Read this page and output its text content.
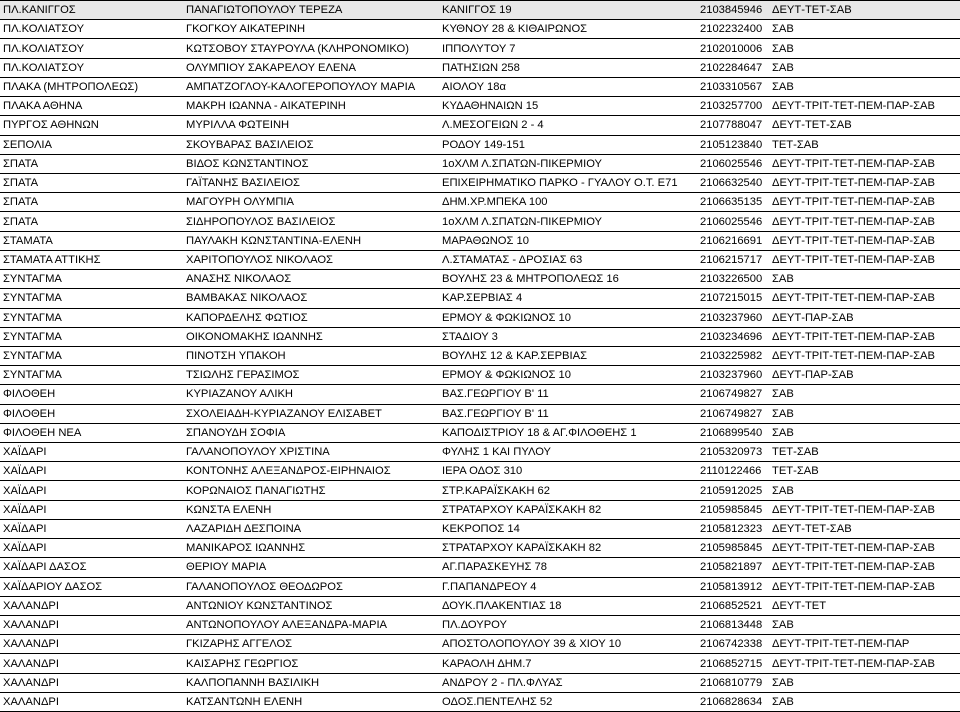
ΠΛ.ΚΑΝΙΓΓΟΣ	ΠΑΝΑΓΙΩΤΟΠΟΥΛΟΥ ΤΕΡΕΖΑ	ΚΑΝΙΓΓΟΣ 19	2103845946	ΔΕΥΤ-ΤΕΤ-ΣΑΒ
ΠΛ.ΚΟΛΙΑΤΣΟΥ	ΓΚΟΓΚΟΥ ΑΙΚΑΤΕΡΙΝΗ	ΚΥΘΝΟΥ 28 & ΚΙΘΑΙΡΩΝΟΣ	2102232400	ΣΑΒ
ΠΛ.ΚΟΛΙΑΤΣΟΥ	ΚΩΤΣΟΒΟΥ ΣΤΑΥΡΟΥΛΑ (ΚΛΗΡΟΝΟΜΙΚΟ)	ΙΠΠΟΛΥΤΟΥ 7	2102010006	ΣΑΒ
ΠΛ.ΚΟΛΙΑΤΣΟΥ	ΟΛΥΜΠΙΟΥ ΣΑΚΑΡΕΛΟΥ ΕΛΕΝΑ	ΠΑΤΗΣΙΩΝ 258	2102284647	ΣΑΒ
ΠΛΑΚΑ (ΜΗΤΡΟΠΟΛΕΩΣ)	ΑΜΠΑΤΖΟΓΛΟΥ-ΚΑΛΟΓΕΡΟΠΟΥΛΟΥ ΜΑΡΙΑ	ΑΙΟΛΟΥ 18α	2103310567	ΣΑΒ
ΠΛΑΚΑ ΑΘΗΝΑ	ΜΑΚΡΗ ΙΩΑΝΝΑ - ΑΙΚΑΤΕΡΙΝΗ	ΚΥΔΑΘΗΝΑΙΩΝ 15	2103257700	ΔΕΥΤ-ΤΡΙΤ-ΤΕΤ-ΠΕΜ-ΠΑΡ-ΣΑΒ
ΠΥΡΓΟΣ ΑΘΗΝΩΝ	ΜΥΡΙΛΛΑ ΦΩΤΕΙΝΗ	Λ.ΜΕΣΟΓΕΙΩΝ 2 - 4	2107788047	ΔΕΥΤ-ΤΕΤ-ΣΑΒ
ΣΕΠΟΛΙΑ	ΣΚΟΥΒΑΡΑΣ ΒΑΣΙΛΕΙΟΣ	ΡΟΔΟΥ 149-151	2105123840	ΤΕΤ-ΣΑΒ
ΣΠΑΤΑ	ΒΙΔΟΣ ΚΩΝΣΤΑΝΤΙΝΟΣ	1οΧΛΜ Λ.ΣΠΑΤΩΝ-ΠΙΚΕΡΜΙΟΥ	2106025546	ΔΕΥΤ-ΤΡΙΤ-ΤΕΤ-ΠΕΜ-ΠΑΡ-ΣΑΒ
ΣΠΑΤΑ	ΓΑΪΤΑΝΗΣ ΒΑΣΙΛΕΙΟΣ	ΕΠΙΧΕΙΡΗΜΑΤΙΚΟ ΠΑΡΚΟ - ΓΥΑΛΟΥ Ο.Τ. Ε71	2106632540	ΔΕΥΤ-ΤΡΙΤ-ΤΕΤ-ΠΕΜ-ΠΑΡ-ΣΑΒ
ΣΠΑΤΑ	ΜΑΓΟΥΡΗ ΟΛΥΜΠΙΑ	ΔΗΜ.ΧΡ.ΜΠΕΚΑ 100	2106635135	ΔΕΥΤ-ΤΡΙΤ-ΤΕΤ-ΠΕΜ-ΠΑΡ-ΣΑΒ
ΣΠΑΤΑ	ΣΙΔΗΡΟΠΟΥΛΟΣ ΒΑΣΙΛΕΙΟΣ	1οΧΛΜ Λ.ΣΠΑΤΩΝ-ΠΙΚΕΡΜΙΟΥ	2106025546	ΔΕΥΤ-ΤΡΙΤ-ΤΕΤ-ΠΕΜ-ΠΑΡ-ΣΑΒ
ΣΤΑΜΑΤΑ	ΠΑΥΛΑΚΗ ΚΩΝΣΤΑΝΤΙΝΑ-ΕΛΕΝΗ	ΜΑΡΑΘΩΝΟΣ 10	2106216691	ΔΕΥΤ-ΤΡΙΤ-ΤΕΤ-ΠΕΜ-ΠΑΡ-ΣΑΒ
ΣΤΑΜΑΤΑ ΑΤΤΙΚΗΣ	ΧΑΡΙΤΟΠΟΥΛΟΣ ΝΙΚΟΛΑΟΣ	Λ.ΣΤΑΜΑΤΑΣ - ΔΡΟΣΙΑΣ 63	2106215717	ΔΕΥΤ-ΤΡΙΤ-ΤΕΤ-ΠΕΜ-ΠΑΡ-ΣΑΒ
ΣΥΝΤΑΓΜΑ	ΑΝΑΣΗΣ ΝΙΚΟΛΑΟΣ	ΒΟΥΛΗΣ 23 & ΜΗΤΡΟΠΟΛΕΩΣ 16	2103226500	ΣΑΒ
ΣΥΝΤΑΓΜΑ	ΒΑΜΒΑΚΑΣ ΝΙΚΟΛΑΟΣ	ΚΑΡ.ΣΕΡΒΙΑΣ 4	2107215015	ΔΕΥΤ-ΤΡΙΤ-ΤΕΤ-ΠΕΜ-ΠΑΡ-ΣΑΒ
ΣΥΝΤΑΓΜΑ	ΚΑΠΟΡΔΕΛΗΣ ΦΩΤΙΟΣ	ΕΡΜΟΥ & ΦΩΚΙΩΝΟΣ 10	2103237960	ΔΕΥΤ-ΠΑΡ-ΣΑΒ
ΣΥΝΤΑΓΜΑ	ΟΙΚΟΝΟΜΑΚΗΣ ΙΩΑΝΝΗΣ	ΣΤΑΔΙΟΥ 3	2103234696	ΔΕΥΤ-ΤΡΙΤ-ΤΕΤ-ΠΕΜ-ΠΑΡ-ΣΑΒ
ΣΥΝΤΑΓΜΑ	ΠΙΝΟΤΣΗ ΥΠΑΚΟΗ	ΒΟΥΛΗΣ 12 & ΚΑΡ.ΣΕΡΒΙΑΣ	2103225982	ΔΕΥΤ-ΤΡΙΤ-ΤΕΤ-ΠΕΜ-ΠΑΡ-ΣΑΒ
ΣΥΝΤΑΓΜΑ	ΤΣΙΩΛΗΣ ΓΕΡΑΣΙΜΟΣ	ΕΡΜΟΥ & ΦΩΚΙΩΝΟΣ 10	2103237960	ΔΕΥΤ-ΠΑΡ-ΣΑΒ
ΦΙΛΟΘΕΗ	ΚΥΡΙΑΖΑΝΟΥ ΑΛΙΚΗ	ΒΑΣ.ΓΕΩΡΓΙΟΥ Β' 11	2106749827	ΣΑΒ
ΦΙΛΟΘΕΗ	ΣΧΟΛΕΙΑΔΗ-ΚΥΡΙΑΖΑΝΟΥ ΕΛΙΣΑΒΕΤ	ΒΑΣ.ΓΕΩΡΓΙΟΥ Β' 11	2106749827	ΣΑΒ
ΦΙΛΟΘΕΗ ΝΕΑ	ΣΠΑΝΟΥΔΗ ΣΟΦΙΑ	ΚΑΠΟΔΙΣΤΡΙΟΥ 18 & ΑΓ.ΦΙΛΟΘΕΗΣ 1	2106899540	ΣΑΒ
ΧΑΪΔΑΡΙ	ΓΑΛΑΝΟΠΟΥΛΟΥ ΧΡΙΣΤΙΝΑ	ΦΥΛΗΣ 1 ΚΑΙ ΠΥΛΟΥ	2105320973	ΤΕΤ-ΣΑΒ
ΧΑΪΔΑΡΙ	ΚΟΝΤΟΝΗΣ ΑΛΕΞΑΝΔΡΟΣ-ΕΙΡΗΝΑΙΟΣ	ΙΕΡΑ ΟΔΟΣ 310	2110122466	ΤΕΤ-ΣΑΒ
ΧΑΪΔΑΡΙ	ΚΟΡΩΝΑΙΟΣ ΠΑΝΑΓΙΩΤΗΣ	ΣΤΡ.ΚΑΡΑΪΣΚΑΚΗ 62	2105912025	ΣΑΒ
ΧΑΪΔΑΡΙ	ΚΩΝΣΤΑ ΕΛΕΝΗ	ΣΤΡΑΤΑΡΧΟΥ ΚΑΡΑΪΣΚΑΚΗ 82	2105985845	ΔΕΥΤ-ΤΡΙΤ-ΤΕΤ-ΠΕΜ-ΠΑΡ-ΣΑΒ
ΧΑΪΔΑΡΙ	ΛΑΖΑΡΙΔΗ ΔΕΣΠΟΙΝΑ	ΚΕΚΡΟΠΟΣ 14	2105812323	ΔΕΥΤ-ΤΕΤ-ΣΑΒ
ΧΑΪΔΑΡΙ	ΜΑΝΙΚΑΡΟΣ ΙΩΑΝΝΗΣ	ΣΤΡΑΤΑΡΧΟΥ ΚΑΡΑΪΣΚΑΚΗ 82	2105985845	ΔΕΥΤ-ΤΡΙΤ-ΤΕΤ-ΠΕΜ-ΠΑΡ-ΣΑΒ
ΧΑΪΔΑΡΙ ΔΑΣΟΣ	ΘΕΡΙΟΥ ΜΑΡΙΑ	ΑΓ.ΠΑΡΑΣΚΕΥΗΣ 78	2105821897	ΔΕΥΤ-ΤΡΙΤ-ΤΕΤ-ΠΕΜ-ΠΑΡ-ΣΑΒ
ΧΑΪΔΑΡΙΟΥ ΔΑΣΟΣ	ΓΑΛΑΝΟΠΟΥΛΟΣ ΘΕΟΔΩΡΟΣ	Γ.ΠΑΠΑΝΔΡΕΟΥ 4	2105813912	ΔΕΥΤ-ΤΡΙΤ-ΤΕΤ-ΠΕΜ-ΠΑΡ-ΣΑΒ
ΧΑΛΑΝΔΡΙ	ΑΝΤΩΝΙΟΥ ΚΩΝΣΤΑΝΤΙΝΟΣ	ΔΟΥΚ.ΠΛΑΚΕΝΤΙΑΣ 18	2106852521	ΔΕΥΤ-ΤΕΤ
ΧΑΛΑΝΔΡΙ	ΑΝΤΩΝΟΠΟΥΛΟΥ ΑΛΕΞΑΝΔΡΑ-ΜΑΡΙΑ	ΠΛ.ΔΟΥΡΟΥ	2106813448	ΣΑΒ
ΧΑΛΑΝΔΡΙ	ΓΚΙΖΑΡΗΣ ΑΓΓΕΛΟΣ	ΑΠΟΣΤΟΛΟΠΟΥΛΟΥ 39 & ΧΙΟΥ 10	2106742338	ΔΕΥΤ-ΤΡΙΤ-ΤΕΤ-ΠΕΜ-ΠΑΡ
ΧΑΛΑΝΔΡΙ	ΚΑΙΣΑΡΗΣ ΓΕΩΡΓΙΟΣ	ΚΑΡΑΟΛΗ ΔΗΜ.7	2106852715	ΔΕΥΤ-ΤΡΙΤ-ΤΕΤ-ΠΕΜ-ΠΑΡ-ΣΑΒ
ΧΑΛΑΝΔΡΙ	ΚΑΛΠΟΠΑΝΝΗ ΒΑΣΙΛΙΚΗ	ΑΝΔΡΟΥ 2 - ΠΛ.ΦΛΥΑΣ	2106810779	ΣΑΒ
ΧΑΛΑΝΔΡΙ	ΚΑΤΣΑΝΤΩΝΗ ΕΛΕΝΗ	ΟΔΟΣ.ΠΕΝΤΕΛΗΣ 52	2106828634	ΣΑΒ
